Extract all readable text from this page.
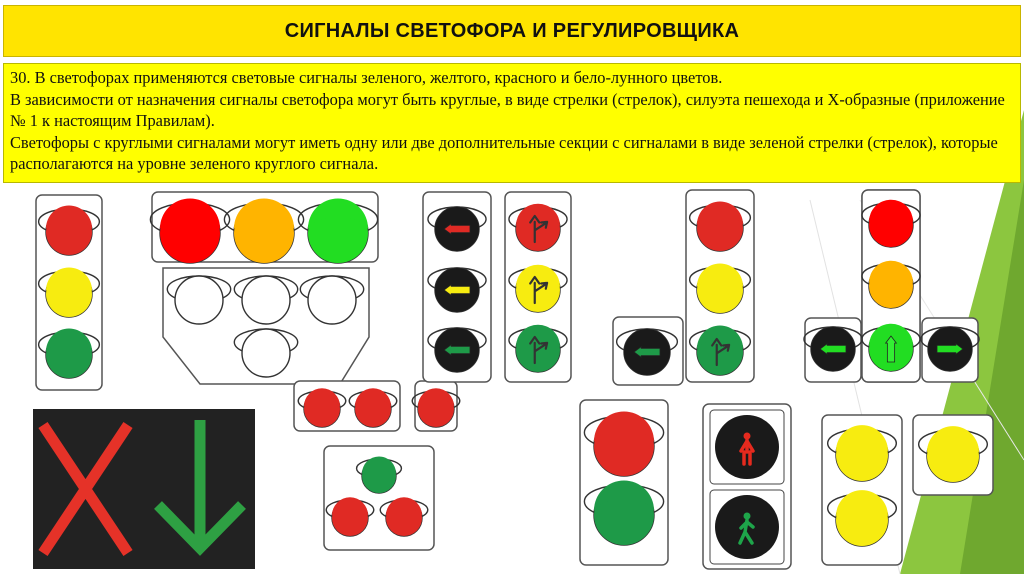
СИГНАЛЫ СВЕТОФОРА И РЕГУЛИРОВЩИКА

30. В светофорах применяются световые сигналы зеленого, желтого, красного и бело-лунного цветов.

В зависимости от назначения сигналы светофора могут быть круглые, в виде стрелки (стрелок), силуэта пешехода и X-образные (приложение № 1 к настоящим Правилам).

Светофоры с круглыми сигналами могут иметь одну или две дополнительные секции с сигналами в виде зеленой стрелки (стрелок), которые располагаются на уровне зеленого круглого сигнала.
